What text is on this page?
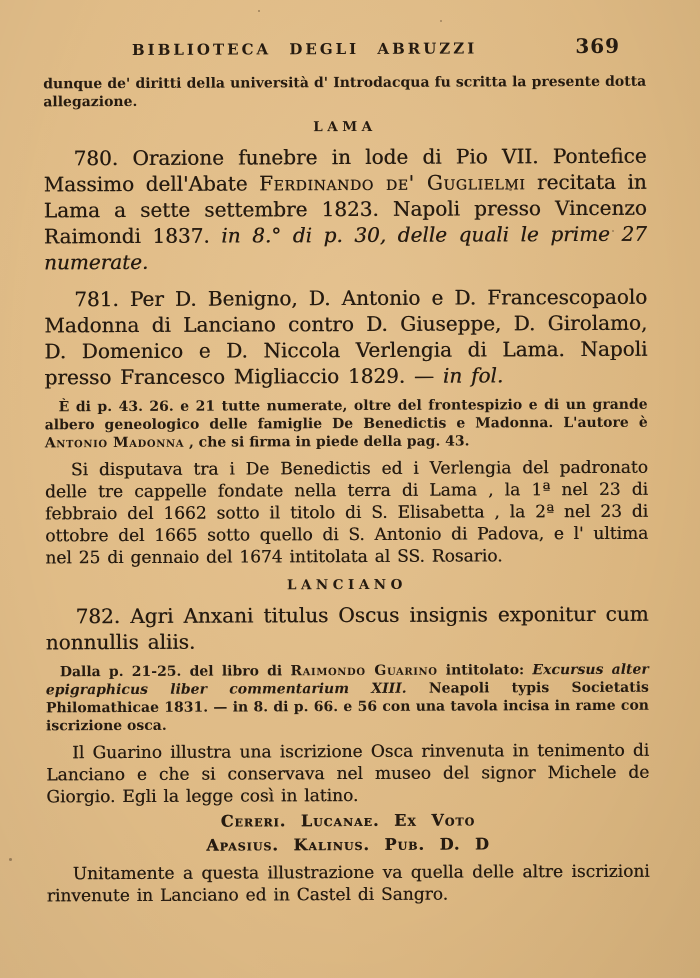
BIBLIOTECA DEGLI ABRUZZI	369

dunque de' diritti della università d' Introdacqua fu scritta la presente dotta allegazione.

LAMA

780. Orazione funebre in lode di Pio VII. Pontefice Massimo dell'Abate Ferdinando de' Guglielmi recitata in Lama a sette settembre 1823. Napoli presso Vincenzo Raimondi 1837. in 8.° di p. 30, delle quali le prime 27 numerate.

781. Per D. Benigno, D. Antonio e D. Francescopaolo Madonna di Lanciano contro D. Giuseppe, D. Girolamo, D. Domenico e D. Niccola Verlengia di Lama. Napoli presso Francesco Migliaccio 1829. — in fol.

È di p. 43. 26. e 21 tutte numerate, oltre del frontespizio e di un grande albero geneologico delle famiglie De Benedictis e Madonna. L'autore è Antonio Madonna , che si firma in piede della pag. 43.

Si disputava tra i De Benedictis ed i Verlengia del padronato delle tre cappelle fondate nella terra di Lama , la 1ª nel 23 di febbraio del 1662 sotto il titolo di S. Elisabetta , la 2ª nel 23 di ottobre del 1665 sotto quello di S. Antonio di Padova, e l' ultima nel 25 di gennaio del 1674 intitolata al SS. Rosario.

LANCIANO

782. Agri Anxani titulus Oscus insignis exponitur cum nonnullis aliis.

Dalla p. 21-25. del libro di Raimondo Guarino intitolato: Excursus alter epigraphicus liber commentarium XIII. Neapoli typis Societatis Philomathicae 1831. — in 8. di p. 66. e 56 con una tavola incisa in rame con iscrizione osca.

Il Guarino illustra una iscrizione Osca rinvenuta in tenimento di Lanciano e che si conservava nel museo del signor Michele de Giorgio. Egli la legge così in latino.

Cereri. Lucanae. Ex Voto

Apasius. Kalinus. Pub. D. D

Unitamente a questa illustrazione va quella delle altre iscrizioni rinvenute in Lanciano ed in Castel di Sangro.
